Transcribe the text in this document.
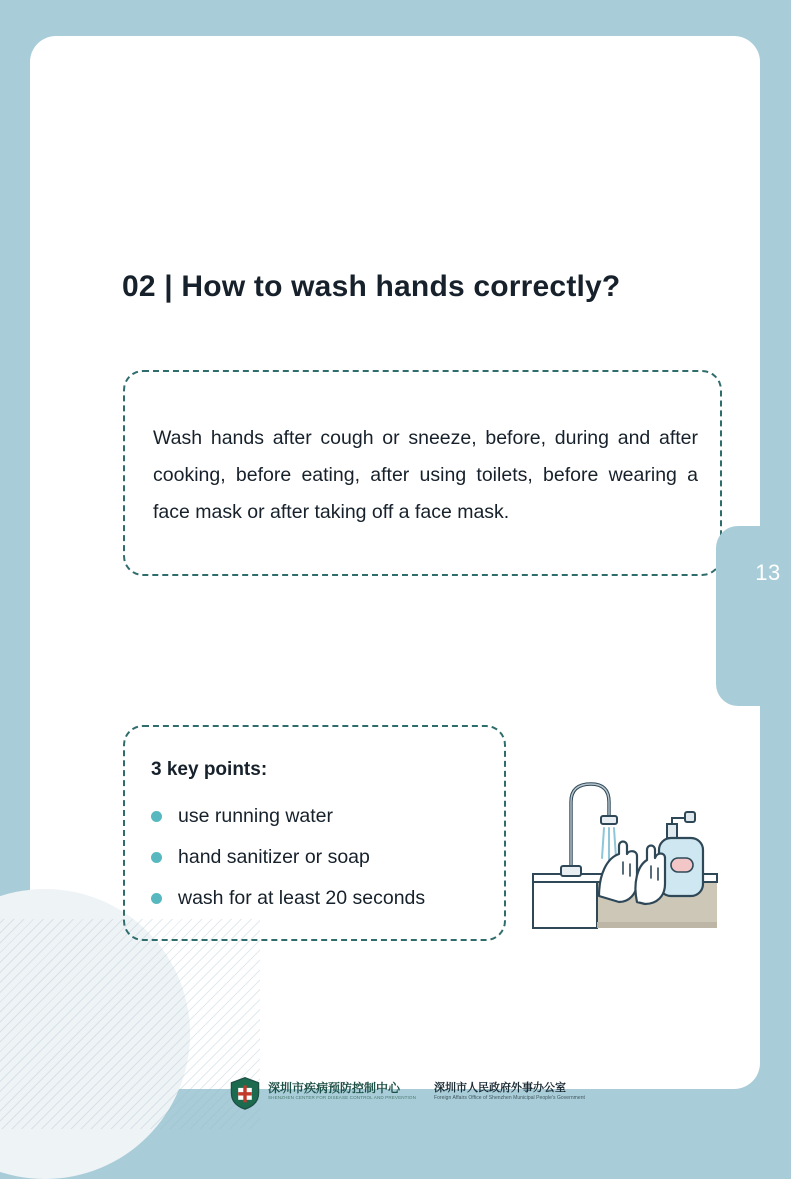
02 | How to wash hands correctly?

Wash hands after cough or sneeze, before, during and after cooking, before eating, after using toilets, before wearing a face mask or after taking off a face mask.

3 key points:
use running water
hand sanitizer or soap
wash for at least 20 seconds
深圳市疾病预防控制中心
SHENZHEN CENTER FOR DISEASE CONTROL AND PREVENTION
深圳市人民政府外事办公室
Foreign Affairs Office of Shenzhen Municipal People's Government
13
